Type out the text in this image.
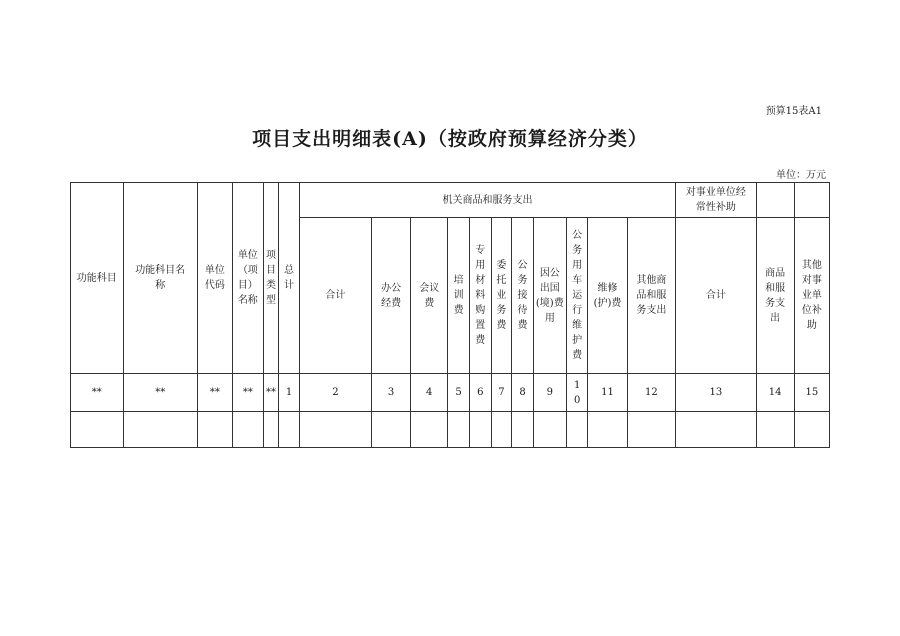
预算15表A1
项目支出明细表(A)（按政府预算经济分类）
单位：万元
功能科目	功能科目名称	单位代码	单位（项目）名称	项目类型	总计	机关商品和服务支出											对事业单位经常性补助		
						合计	办公经费	会议费	培训费	专用材料购置费	委托业务费	公务接待费	因公出国(境)费用	公务用车运行维护费	维修(护)费	其他商品和服务支出	合计	商品和服务支出	其他对事业单位补助
**	**	**	**	**	1	2	3	4	5	6	7	8	9	10	11	12	13	14	15
